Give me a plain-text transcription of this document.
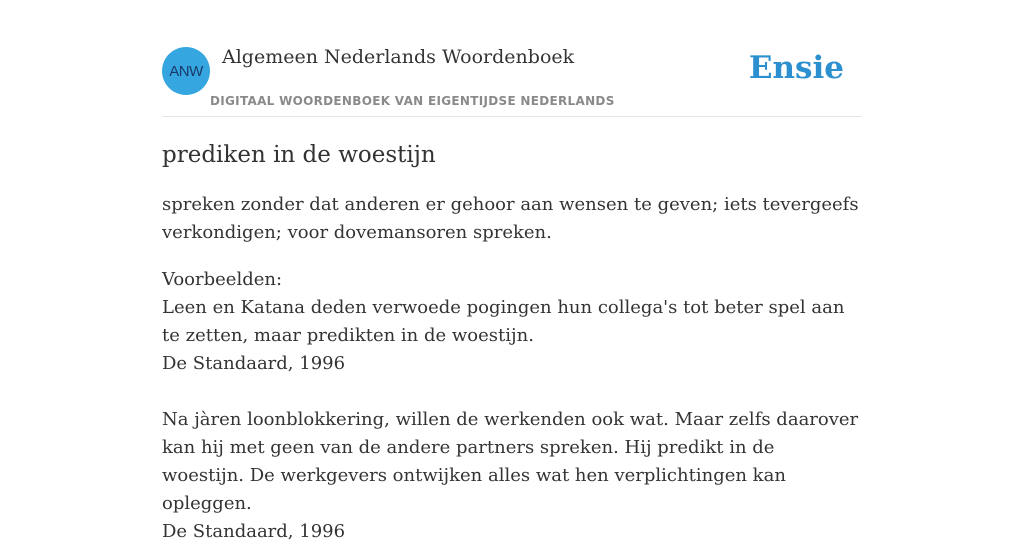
ANW
Algemeen Nederlands Woordenboek
DIGITAAL WOORDENBOEK VAN EIGENTIJDSE NEDERLANDS
Ensie
prediken in de woestijn

spreken zonder dat anderen er gehoor aan wensen te geven; iets tevergeefs verkondigen; voor dovemansoren spreken.

Voorbeelden:

Leen en Katana deden verwoede pogingen hun collega's tot beter spel aan te zetten, maar predikten in de woestijn.
De Standaard, 1996
Na jàren loonblokkering, willen de werkenden ook wat. Maar zelfs daarover kan hij met geen van de andere partners spreken. Hij predikt in de woestijn. De werkgevers ontwijken alles wat hen verplichtingen kan opleggen.
De Standaard, 1996
